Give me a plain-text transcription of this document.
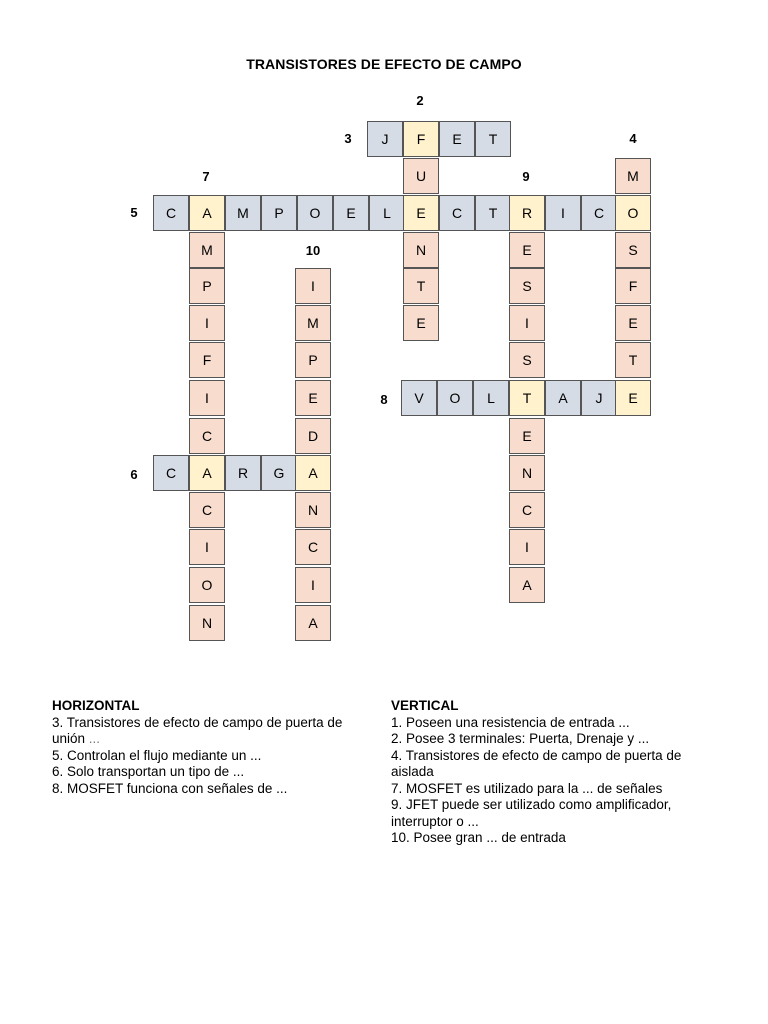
TRANSISTORES DE EFECTO DE CAMPO
J	F	E	T
M
U
C	A	M	P	O	E	L	E	C	T	R	I	C	O
M	N	E	S
P	I	T	S	F
I	M	E	I	E
F	P	S	T
I	E	V	O	L	T	A	J	E
C	D	E
C	A	R	G	A	N
C	N	C
I	C	I
O	I	A
N	A
2
3	4
7	9
5
10
8
6
HORIZONTAL

3. Transistores de efecto de campo de puerta de unión ...

5. Controlan el flujo mediante un ...

6. Solo transportan un tipo de ...

8. MOSFET funciona con señales de ...

VERTICAL

1. Poseen una resistencia de entrada ...

2. Posee 3 terminales: Puerta, Drenaje y ...

4. Transistores de efecto de campo de puerta de aislada

7. MOSFET es utilizado para la ... de señales

9. JFET puede ser utilizado como amplificador, interruptor o ...

10. Posee gran ... de entrada
